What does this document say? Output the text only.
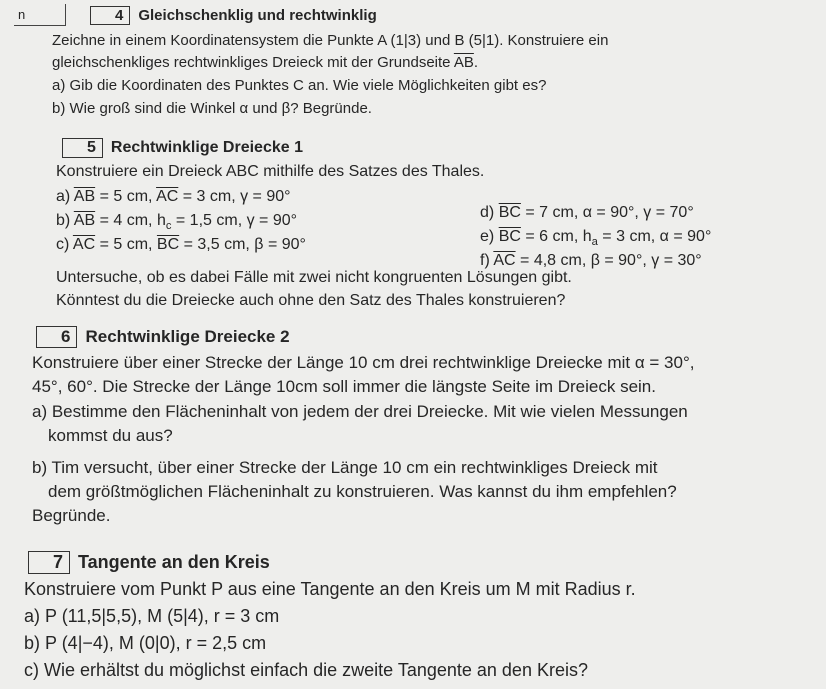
n	4 Gleichschenklig und rechtwinklig
Zeichne in einem Koordinatensystem die Punkte A (1|3) und B (5|1). Konstruiere ein
gleichschenkliges rechtwinkliges Dreieck mit der Grundseite $\overline{AB}$.
a) Gib die Koordinaten des Punktes C an. Wie viele Möglichkeiten gibt es?
b) Wie groß sind die Winkel α und β? Begründe.
5 Rechtwinklige Dreiecke 1
Konstruiere ein Dreieck ABC mithilfe des Satzes des Thales.
a) $\overline{AB} = 5$ cm, $\overline{AC} = 3$ cm, γ = 90°
b) $\overline{AB} = 4$ cm, $h_c = 1,5$ cm, γ = 90°
c) $\overline{AC} = 5$ cm, $\overline{BC} = 3,5$ cm, β = 90°
d) $\overline{BC} = 7$ cm, α = 90°, γ = 70°
e) $\overline{BC} = 6$ cm, $h_a = 3$ cm, α = 90°
f) $\overline{AC} = 4,8$ cm, β = 90°, γ = 30°
Untersuche, ob es dabei Fälle mit zwei nicht kongruenten Lösungen gibt.
Könntest du die Dreiecke auch ohne den Satz des Thales konstruieren?
6 Rechtwinklige Dreiecke 2
Konstruiere über einer Strecke der Länge 10 cm drei rechtwinklige Dreiecke mit α = 30°,
45°, 60°. Die Strecke der Länge 10cm soll immer die längste Seite im Dreieck sein.
a) Bestimme den Flächeninhalt von jedem der drei Dreiecke. Mit wie vielen Messungen
kommst du aus?
b) Tim versucht, über einer Strecke der Länge 10 cm ein rechtwinkliges Dreieck mit
dem größtmöglichen Flächeninhalt zu konstruieren. Was kannst du ihm empfehlen?
Begründe.
7 Tangente an den Kreis
Konstruiere vom Punkt P aus eine Tangente an den Kreis um M mit Radius r.
a) P (11,5|5,5), M (5|4), r = 3 cm
b) P (4|−4), M (0|0), r = 2,5 cm
c) Wie erhältst du möglichst einfach die zweite Tangente an den Kreis?
